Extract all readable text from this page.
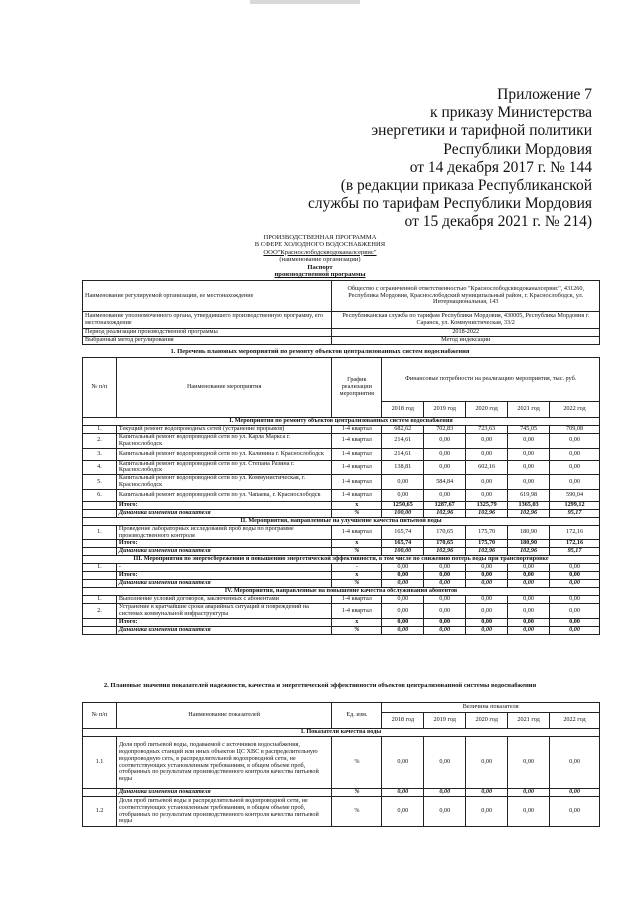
Приложение 7
к приказу Министерства
энергетики и тарифной политики
Республики Мордовия
от 14 декабря 2017 г. № 144
(в редакции приказа Республиканской
службы по тарифам Республики Мордовия
от 15 декабря 2021 г. № 214)
ПРОИЗВОДСТВЕННАЯ ПРОГРАММА
В СФЕРЕ ХОЛОДНОГО ВОДОСНАБЖЕНИЯ
ООО"Краснослободскводоканалсервис"
(наименование организации)
Паспорт
производственной программы
Наименование регулируемой организации, ее местонахождение	Общество с ограниченной ответственностью "Краснослободскводоканалсервис", 431260, Республика Мордовия, Краснослободский муниципальный район, г. Краснослободск, ул. Интернациональная, 143
Наименование уполномоченного органа, утвердившего производственную программу, его местонахождение	Республиканская служба по тарифам Республики Мордовия, 430005, Республика Мордовия г. Саранск, ул. Коммунистическая, 33/2
Период реализации производственной программы	2018-2022
Выбранный метод регулирования	Метод индексации
1. Перечень плановых мероприятий по ремонту объектов централизованных систем водоснабжения
№ п/п	Наименование мероприятия	График реализации мероприятия	Финансовые потребности на реализацию мероприятия, тыс. руб.				
			2018 год	2019 год	2020 год	2021 год	2022 год
I. Мероприятия по ремонту объектов централизованных систем водоснабжения							
1.	Текущий ремонт водопроводных сетей (устранение прорывов)	1-4 квартал	682,62	702,83	723,63	745,05	709,08
2.	Капитальный ремонт водопроводной сети по ул. Карла Маркса г. Краснослободск	1-4 квартал	214,61	0,00	0,00	0,00	0,00
3.	Капитальный ремонт водопроводной сети по ул. Калинина г. Краснослободск	1-4 квартал	214,61	0,00	0,00	0,00	0,00
4.	Капитальный ремонт водопроводной сети по ул. Степана Разина г. Краснослободск	1-4 квартал	138,81	0,00	602,16	0,00	0,00
5.	Капитальный ремонт водопроводной сети по ул. Коммунистическая, г. Краснослободск	1-4 квартал	0,00	584,84	0,00	0,00	0,00
6.	Капитальный ремонт водопроводной сети по ул. Чапаева, г. Краснослободск	1-4 квартал	0,00	0,00	0,00	619,98	590,04
	Итого:	x	1250,65	1287,67	1325,79	1365,03	1299,12
	Динамика изменения показателя	%	100,00	102,96	102,96	102,96	95,17
II. Мероприятия, направленные на улучшение качества питьевой воды							
1.	Проведение лабораторных исследований проб воды по программе производственного контроля	1-4 квартал	165,74	170,65	175,70	180,90	172,16
	Итого:	x	165,74	170,65	175,70	180,90	172,16
	Динамика изменения показателя	%	100,00	102,96	102,96	102,96	95,17
III. Мероприятия по энергосбережению и повышению энергетической эффективности, в том числе по снижению потерь воды при транспортировке							
1.	-	-	0,00	0,00	0,00	0,00	0,00
	Итого:	x	0,00	0,00	0,00	0,00	0,00
	Динамика изменения показателя	%	0,00	0,00	0,00	0,00	0,00
IV. Мероприятия, направленные на повышение качества обслуживания абонентов							
1.	Выполнение условий договоров, заключенных с абонентами	1-4 квартал	0,00	0,00	0,00	0,00	0,00
2.	Устранение в кратчайшие сроки аварийных ситуаций и повреждений на системах коммунальной инфраструктуры	1-4 квартал	0,00	0,00	0,00	0,00	0,00
	Итого:	x	0,00	0,00	0,00	0,00	0,00
	Динамика изменения показателя	%	0,00	0,00	0,00	0,00	0,00
2. Плановые значения показателей надежности, качества и энергетической эффективности объектов централизованной системы водоснабжения
№ п/п	Наименование показателей	Ед. изм.	Величина показателя				
			2018 год	2019 год	2020 год	2021 год	2022 год
I. Показатели качества воды							
1.1	Доля проб питьевой воды, подаваемой с источников водоснабжения, водопроводных станций или иных объектов ЦС ХВС в распределительную водопроводную сеть, в распределительной водопроводной сети, не соответствующих установленным требованиям, в общем объеме проб, отобранных по результатам производственного контроля качества питьевой воды	%	0,00	0,00	0,00	0,00	0,00
	Динамика изменения показателя	%	0,00	0,00	0,00	0,00	0,00
1.2	Доля проб питьевой воды в распределительной водопроводной сети, не соответствующих установленным требованиям, в общем объеме проб, отобранных по результатам производственного контроля качества питьевой воды	%	0,00	0,00	0,00	0,00	0,00
